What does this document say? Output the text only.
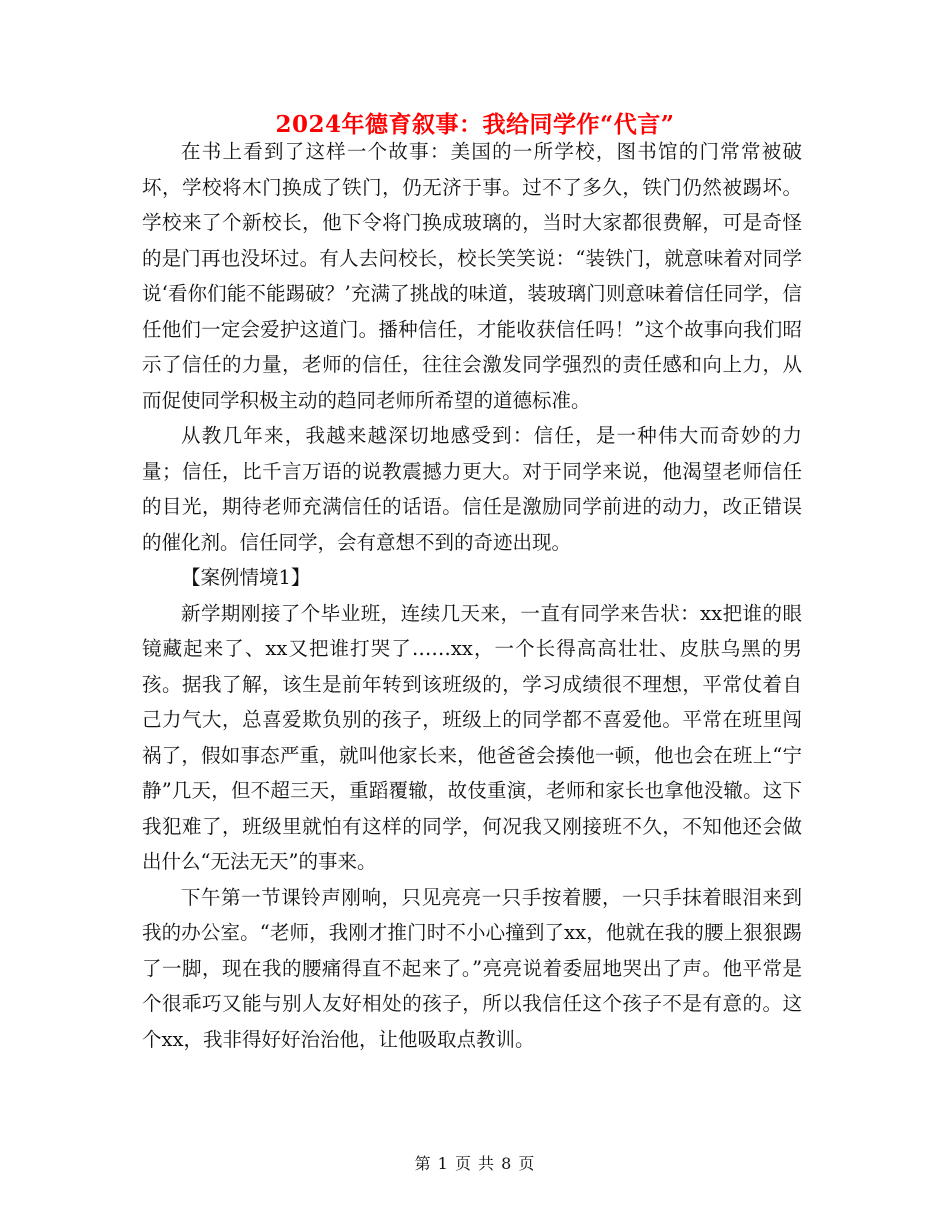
2024年德育叙事：我给同学作“代言”

在书上看到了这样一个故事：美国的一所学校，图书馆的门常常被破坏，学校将木门换成了铁门，仍无济于事。过不了多久，铁门仍然被踢坏。学校来了个新校长，他下令将门换成玻璃的，当时大家都很费解，可是奇怪的是门再也没坏过。有人去问校长，校长笑笑说：“装铁门，就意味着对同学说‘看你们能不能踢破？’充满了挑战的味道，装玻璃门则意味着信任同学，信任他们一定会爱护这道门。播种信任，才能收获信任吗！”这个故事向我们昭示了信任的力量，老师的信任，往往会激发同学强烈的责任感和向上力，从而促使同学积极主动的趋同老师所希望的道德标准。

从教几年来，我越来越深切地感受到：信任，是一种伟大而奇妙的力量；信任，比千言万语的说教震撼力更大。对于同学来说，他渴望老师信任的目光，期待老师充满信任的话语。信任是激励同学前进的动力，改正错误的催化剂。信任同学，会有意想不到的奇迹出现。

【案例情境1】

新学期刚接了个毕业班，连续几天来，一直有同学来告状：xx把谁的眼镜藏起来了、xx又把谁打哭了……xx，一个长得高高壮壮、皮肤乌黑的男孩。据我了解，该生是前年转到该班级的，学习成绩很不理想，平常仗着自己力气大，总喜爱欺负别的孩子，班级上的同学都不喜爱他。平常在班里闯祸了，假如事态严重，就叫他家长来，他爸爸会揍他一顿，他也会在班上“宁静”几天，但不超三天，重蹈覆辙，故伎重演，老师和家长也拿他没辙。这下我犯难了，班级里就怕有这样的同学，何况我又刚接班不久，不知他还会做出什么“无法无天”的事来。

下午第一节课铃声刚响，只见亮亮一只手按着腰，一只手抹着眼泪来到我的办公室。“老师，我刚才推门时不小心撞到了xx，他就在我的腰上狠狠踢了一脚，现在我的腰痛得直不起来了。”亮亮说着委屈地哭出了声。他平常是个很乖巧又能与别人友好相处的孩子，所以我信任这个孩子不是有意的。这个xx，我非得好好治治他，让他吸取点教训。

第 1 页 共 8 页
